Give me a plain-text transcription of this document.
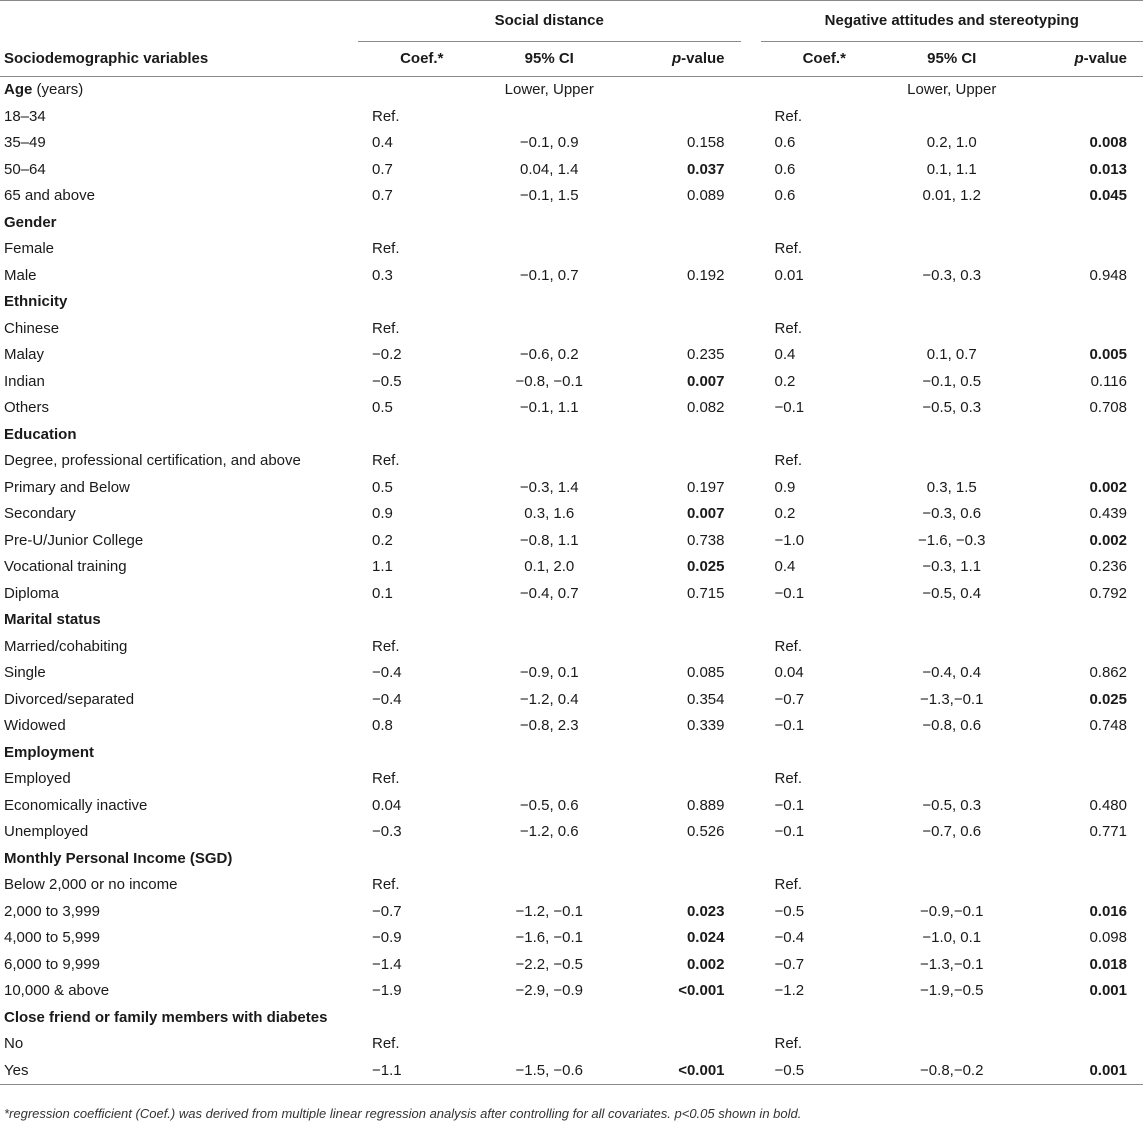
	Social distance				Negative attitudes and stereotyping		
Sociodemographic variables	Coef.*	95% CI	p-value		Coef.*	95% CI	p-value
Age (years)	Lower, Upper				Lower, Upper		
18–34	Ref.				Ref.		
35–49	0.4	−0.1, 0.9	0.158		0.6	0.2, 1.0	0.008
50–64	0.7	0.04, 1.4	0.037		0.6	0.1, 1.1	0.013
65 and above	0.7	−0.1, 1.5	0.089		0.6	0.01, 1.2	0.045
Gender							
Female	Ref.				Ref.		
Male	0.3	−0.1, 0.7	0.192		0.01	−0.3, 0.3	0.948
Ethnicity							
Chinese	Ref.				Ref.		
Malay	−0.2	−0.6, 0.2	0.235		0.4	0.1, 0.7	0.005
Indian	−0.5	−0.8, −0.1	0.007		0.2	−0.1, 0.5	0.116
Others	0.5	−0.1, 1.1	0.082		−0.1	−0.5, 0.3	0.708
Education							
Degree, professional certification, and above	Ref.				Ref.		
Primary and Below	0.5	−0.3, 1.4	0.197		0.9	0.3, 1.5	0.002
Secondary	0.9	0.3, 1.6	0.007		0.2	−0.3, 0.6	0.439
Pre-U/Junior College	0.2	−0.8, 1.1	0.738		−1.0	−1.6, −0.3	0.002
Vocational training	1.1	0.1, 2.0	0.025		0.4	−0.3, 1.1	0.236
Diploma	0.1	−0.4, 0.7	0.715		−0.1	−0.5, 0.4	0.792
Marital status							
Married/cohabiting	Ref.				Ref.		
Single	−0.4	−0.9, 0.1	0.085		0.04	−0.4, 0.4	0.862
Divorced/separated	−0.4	−1.2, 0.4	0.354		−0.7	−1.3,−0.1	0.025
Widowed	0.8	−0.8, 2.3	0.339		−0.1	−0.8, 0.6	0.748
Employment							
Employed	Ref.				Ref.		
Economically inactive	0.04	−0.5, 0.6	0.889		−0.1	−0.5, 0.3	0.480
Unemployed	−0.3	−1.2, 0.6	0.526		−0.1	−0.7, 0.6	0.771
Monthly Personal Income (SGD)							
Below 2,000 or no income	Ref.				Ref.		
2,000 to 3,999	−0.7	−1.2, −0.1	0.023		−0.5	−0.9,−0.1	0.016
4,000 to 5,999	−0.9	−1.6, −0.1	0.024		−0.4	−1.0, 0.1	0.098
6,000 to 9,999	−1.4	−2.2, −0.5	0.002		−0.7	−1.3,−0.1	0.018
10,000 & above	−1.9	−2.9, −0.9	<0.001		−1.2	−1.9,−0.5	0.001
Close friend or family members with diabetes							
No	Ref.				Ref.		
Yes	−1.1	−1.5, −0.6	<0.001		−0.5	−0.8,−0.2	0.001
*regression coefficient (Coef.) was derived from multiple linear regression analysis after controlling for all covariates. p<0.05 shown in bold.
